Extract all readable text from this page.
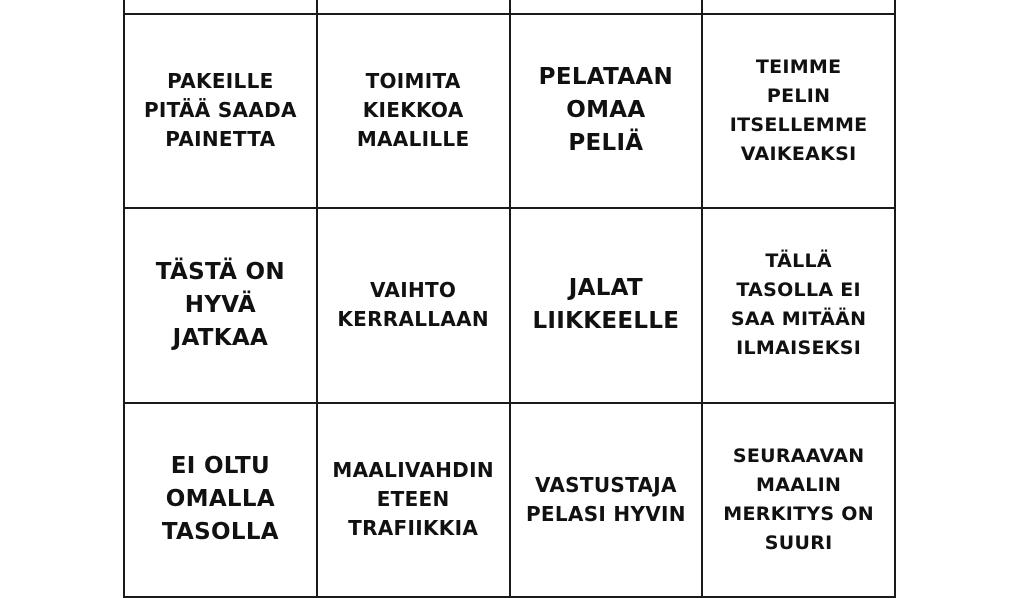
PAKEILLE
PITÄÄ SAADA
PAINETTA
TOIMITA
KIEKKOA
MAALILLE
PELATAAN
OMAA
PELIÄ
TEIMME
PELIN
ITSELLEMME
VAIKEAKSI
TÄSTÄ ON
HYVÄ
JATKAA
VAIHTO
KERRALLAAN
JALAT
LIIKKEELLE
TÄLLÄ
TASOLLA EI
SAA MITÄÄN
ILMAISEKSI
EI OLTU
OMALLA
TASOLLA
MAALIVAHDIN
ETEEN
TRAFIIKKIA
VASTUSTAJA
PELASI HYVIN
SEURAAVAN
MAALIN
MERKITYS ON
SUURI
